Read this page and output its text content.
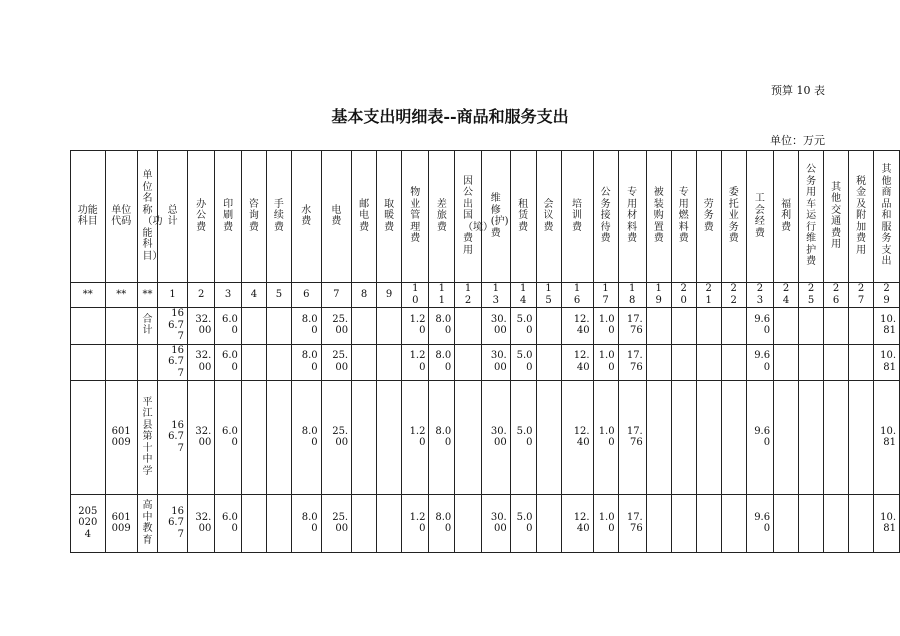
预算 10 表
基本支出明细表--商品和服务支出
单位：万元
功能科目	单位代码	单位名称（功能科目）	总计	办公费	印刷费	咨询费	手续费	水费	电费	邮电费	取暖费	物业管理费	差旅费	因公出国（境）费用	维修(护)费	租赁费	会议费	培训费	公务接待费	专用材料费	被装购置费	专用燃料费	劳务费	委托业务费	工会经费	福利费	公务用车运行维护费	其他交通费用	税金及附加费用	其他商品和服务支出
**	**	**	1	2	3	4	5	6	7	8	9	10	11	12	13	14	15	16	17	18	19	20	21	22	23	24	25	26	27	29
		合计	166.77	32.00	6.00			8.00	25.00			1.20	8.00		30.00	5.00		12.40	1.00	17.76					9.60					10.81
			166.77	32.00	6.00			8.00	25.00			1.20	8.00		30.00	5.00		12.40	1.00	17.76					9.60					10.81
	601009	平江县第十中学	166.77	32.00	6.00			8.00	25.00			1.20	8.00		30.00	5.00		12.40	1.00	17.76					9.60					10.81
2050204	601009	高中教育	166.77	32.00	6.00			8.00	25.00			1.20	8.00		30.00	5.00		12.40	1.00	17.76					9.60					10.81
